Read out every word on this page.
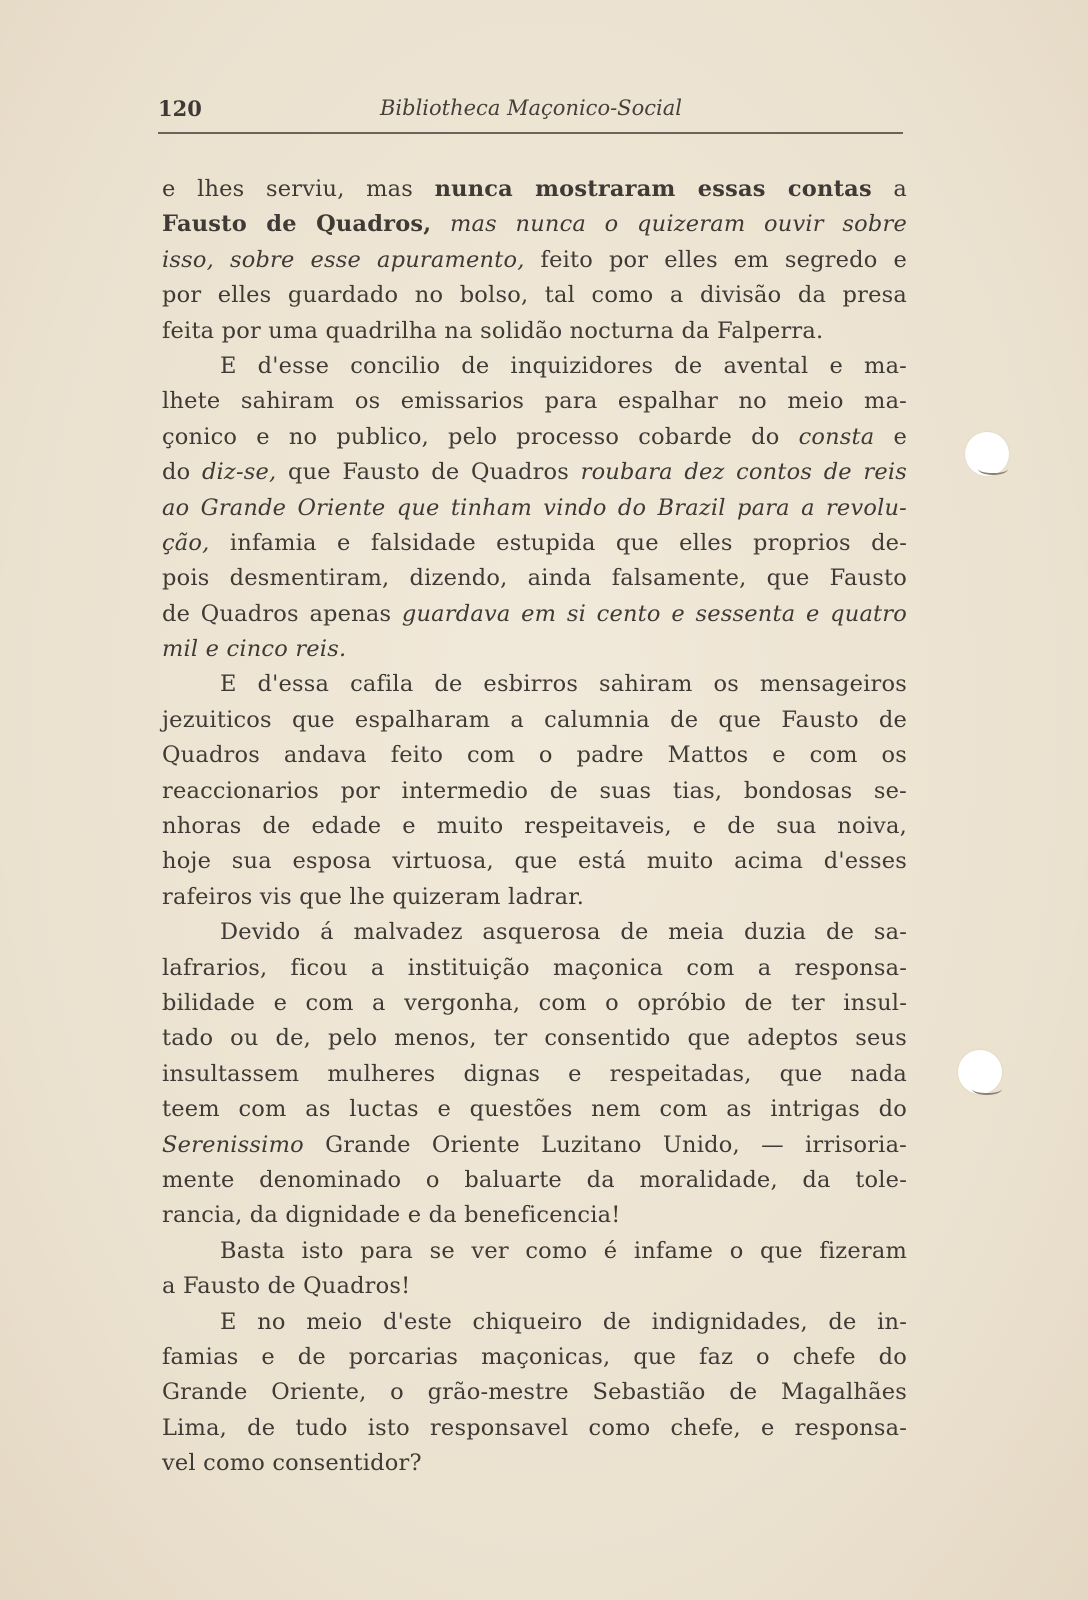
120	Bibliotheca Maçonico-Social
e lhes serviu, mas nunca mostraram essas contas a
Fausto de Quadros, mas nunca o quizeram ouvir sobre
isso, sobre esse apuramento, feito por elles em segredo e
por elles guardado no bolso, tal como a divisão da presa
feita por uma quadrilha na solidão nocturna da Falperra.
E d'esse concilio de inquizidores de avental e ma-
lhete sahiram os emissarios para espalhar no meio ma-
çonico e no publico, pelo processo cobarde do consta e
do diz-se, que Fausto de Quadros roubara dez contos de reis
ao Grande Oriente que tinham vindo do Brazil para a revolu-
ção, infamia e falsidade estupida que elles proprios de-
pois desmentiram, dizendo, ainda falsamente, que Fausto
de Quadros apenas guardava em si cento e sessenta e quatro
mil e cinco reis.
E d'essa cafila de esbirros sahiram os mensageiros
jezuiticos que espalharam a calumnia de que Fausto de
Quadros andava feito com o padre Mattos e com os
reaccionarios por intermedio de suas tias, bondosas se-
nhoras de edade e muito respeitaveis, e de sua noiva,
hoje sua esposa virtuosa, que está muito acima d'esses
rafeiros vis que lhe quizeram ladrar.
Devido á malvadez asquerosa de meia duzia de sa-
lafrarios, ficou a instituição maçonica com a responsa-
bilidade e com a vergonha, com o opróbio de ter insul-
tado ou de, pelo menos, ter consentido que adeptos seus
insultassem mulheres dignas e respeitadas, que nada
teem com as luctas e questões nem com as intrigas do
Serenissimo Grande Oriente Luzitano Unido, — irrisoria-
mente denominado o baluarte da moralidade, da tole-
rancia, da dignidade e da beneficencia!
Basta isto para se ver como é infame o que fizeram
a Fausto de Quadros!
E no meio d'este chiqueiro de indignidades, de in-
famias e de porcarias maçonicas, que faz o chefe do
Grande Oriente, o grão-mestre Sebastião de Magalhães
Lima, de tudo isto responsavel como chefe, e responsa-
vel como consentidor?
